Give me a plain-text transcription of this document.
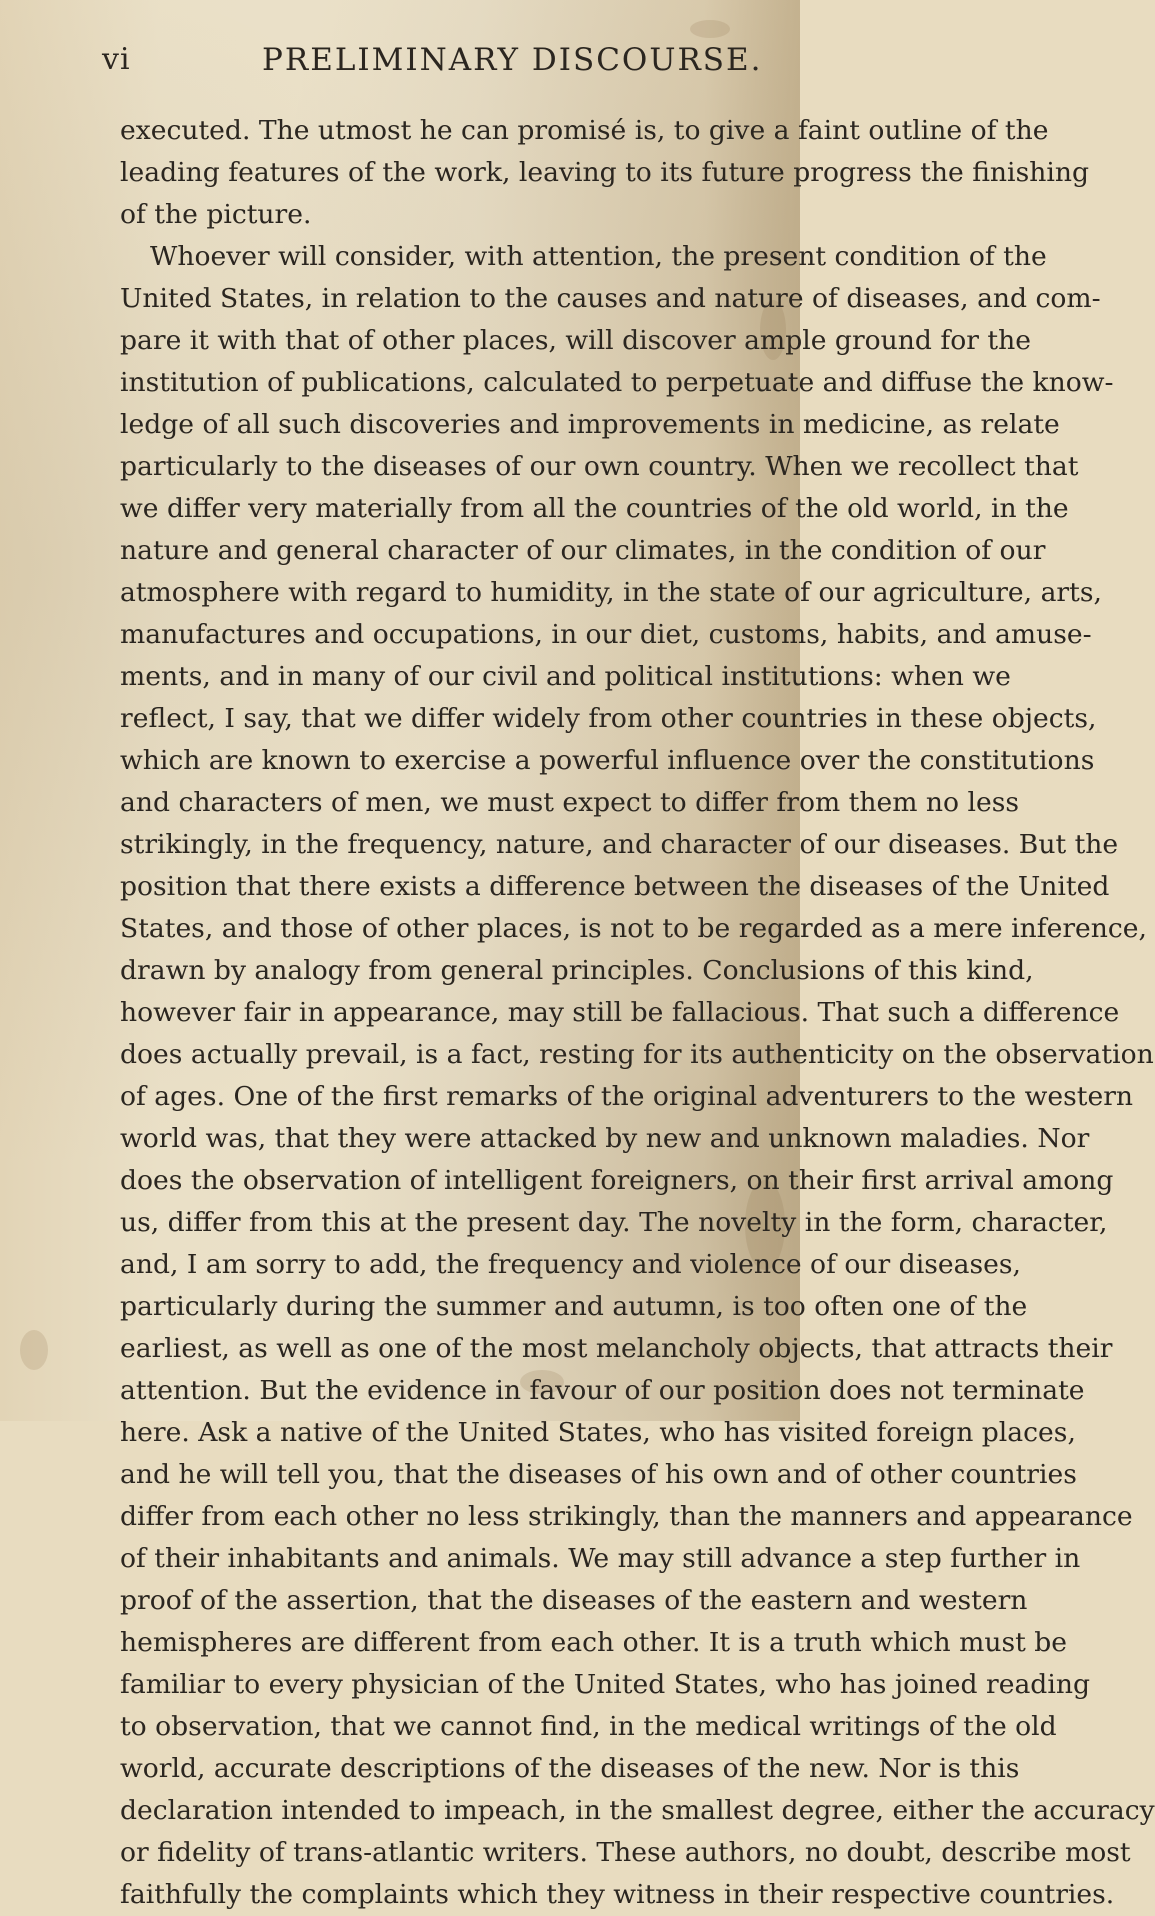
vi	PRELIMINARY DISCOURSE.
executed. The utmost he can promisé is, to give a faint outline of the
leading features of the work, leaving to its future progress the finishing
of the picture.
Whoever will consider, with attention, the present condition of the
United States, in relation to the causes and nature of diseases, and com-
pare it with that of other places, will discover ample ground for the
institution of publications, calculated to perpetuate and diffuse the know-
ledge of all such discoveries and improvements in medicine, as relate
particularly to the diseases of our own country. When we recollect that
we differ very materially from all the countries of the old world, in the
nature and general character of our climates, in the condition of our
atmosphere with regard to humidity, in the state of our agriculture, arts,
manufactures and occupations, in our diet, customs, habits, and amuse-
ments, and in many of our civil and political institutions: when we
reflect, I say, that we differ widely from other countries in these objects,
which are known to exercise a powerful influence over the constitutions
and characters of men, we must expect to differ from them no less
strikingly, in the frequency, nature, and character of our diseases. But the
position that there exists a difference between the diseases of the United
States, and those of other places, is not to be regarded as a mere inference,
drawn by analogy from general principles. Conclusions of this kind,
however fair in appearance, may still be fallacious. That such a difference
does actually prevail, is a fact, resting for its authenticity on the observation
of ages. One of the first remarks of the original adventurers to the western
world was, that they were attacked by new and unknown maladies. Nor
does the observation of intelligent foreigners, on their first arrival among
us, differ from this at the present day. The novelty in the form, character,
and, I am sorry to add, the frequency and violence of our diseases,
particularly during the summer and autumn, is too often one of the
earliest, as well as one of the most melancholy objects, that attracts their
attention. But the evidence in favour of our position does not terminate
here. Ask a native of the United States, who has visited foreign places,
and he will tell you, that the diseases of his own and of other countries
differ from each other no less strikingly, than the manners and appearance
of their inhabitants and animals. We may still advance a step further in
proof of the assertion, that the diseases of the eastern and western
hemispheres are different from each other. It is a truth which must be
familiar to every physician of the United States, who has joined reading
to observation, that we cannot find, in the medical writings of the old
world, accurate descriptions of the diseases of the new. Nor is this
declaration intended to impeach, in the smallest degree, either the accuracy
or fidelity of trans-atlantic writers. These authors, no doubt, describe most
faithfully the complaints which they witness in their respective countries.
